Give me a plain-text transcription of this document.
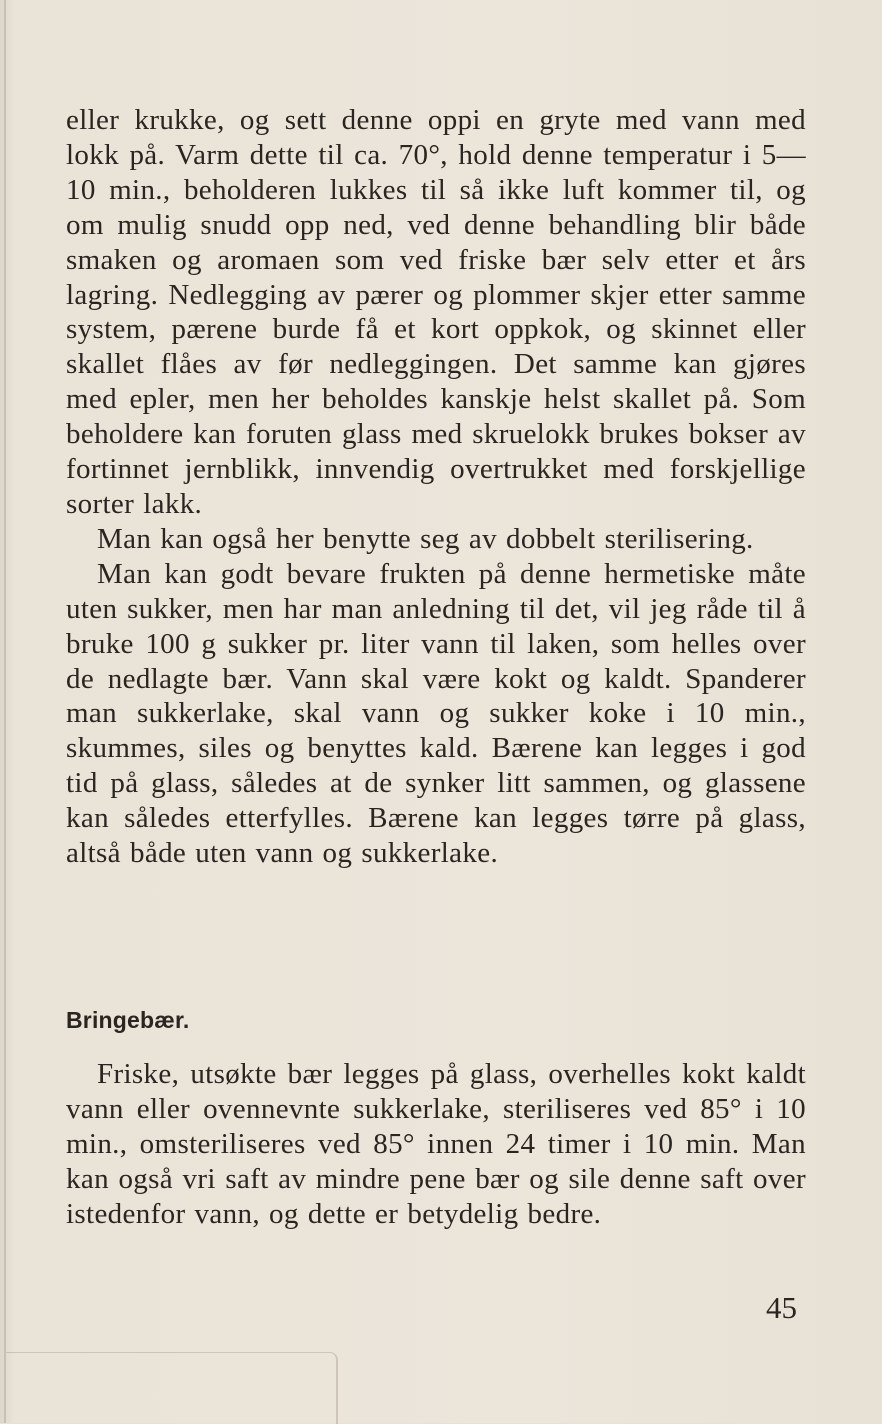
eller krukke, og sett denne oppi en gryte med vann med lokk på. Varm dette til ca. 70°, hold denne temperatur i 5—10 min., beholderen lukkes til så ikke luft kommer til, og om mulig snudd opp ned, ved denne behandling blir både smaken og aromaen som ved friske bær selv etter et års lagring. Nedlegging av pærer og plommer skjer etter samme system, pærene burde få et kort oppkok, og skinnet eller skallet flåes av før nedleggingen. Det samme kan gjøres med epler, men her beholdes kanskje helst skallet på. Som beholdere kan foruten glass med skruelokk brukes bokser av fortinnet jernblikk, innvendig overtrukket med forskjellige sorter lakk.

Man kan også her benytte seg av dobbelt sterilisering.

Man kan godt bevare frukten på denne hermetiske måte uten sukker, men har man anledning til det, vil jeg råde til å bruke 100 g sukker pr. liter vann til laken, som helles over de nedlagte bær. Vann skal være kokt og kaldt. Spanderer man sukkerlake, skal vann og sukker koke i 10 min., skummes, siles og benyttes kald. Bærene kan legges i god tid på glass, således at de synker litt sammen, og glassene kan således etterfylles. Bærene kan legges tørre på glass, altså både uten vann og sukkerlake.

Bringebær.

Friske, utsøkte bær legges på glass, overhelles kokt kaldt vann eller ovennevnte sukkerlake, steriliseres ved 85° i 10 min., omsteriliseres ved 85° innen 24 timer i 10 min. Man kan også vri saft av mindre pene bær og sile denne saft over istedenfor vann, og dette er betydelig bedre.

45
